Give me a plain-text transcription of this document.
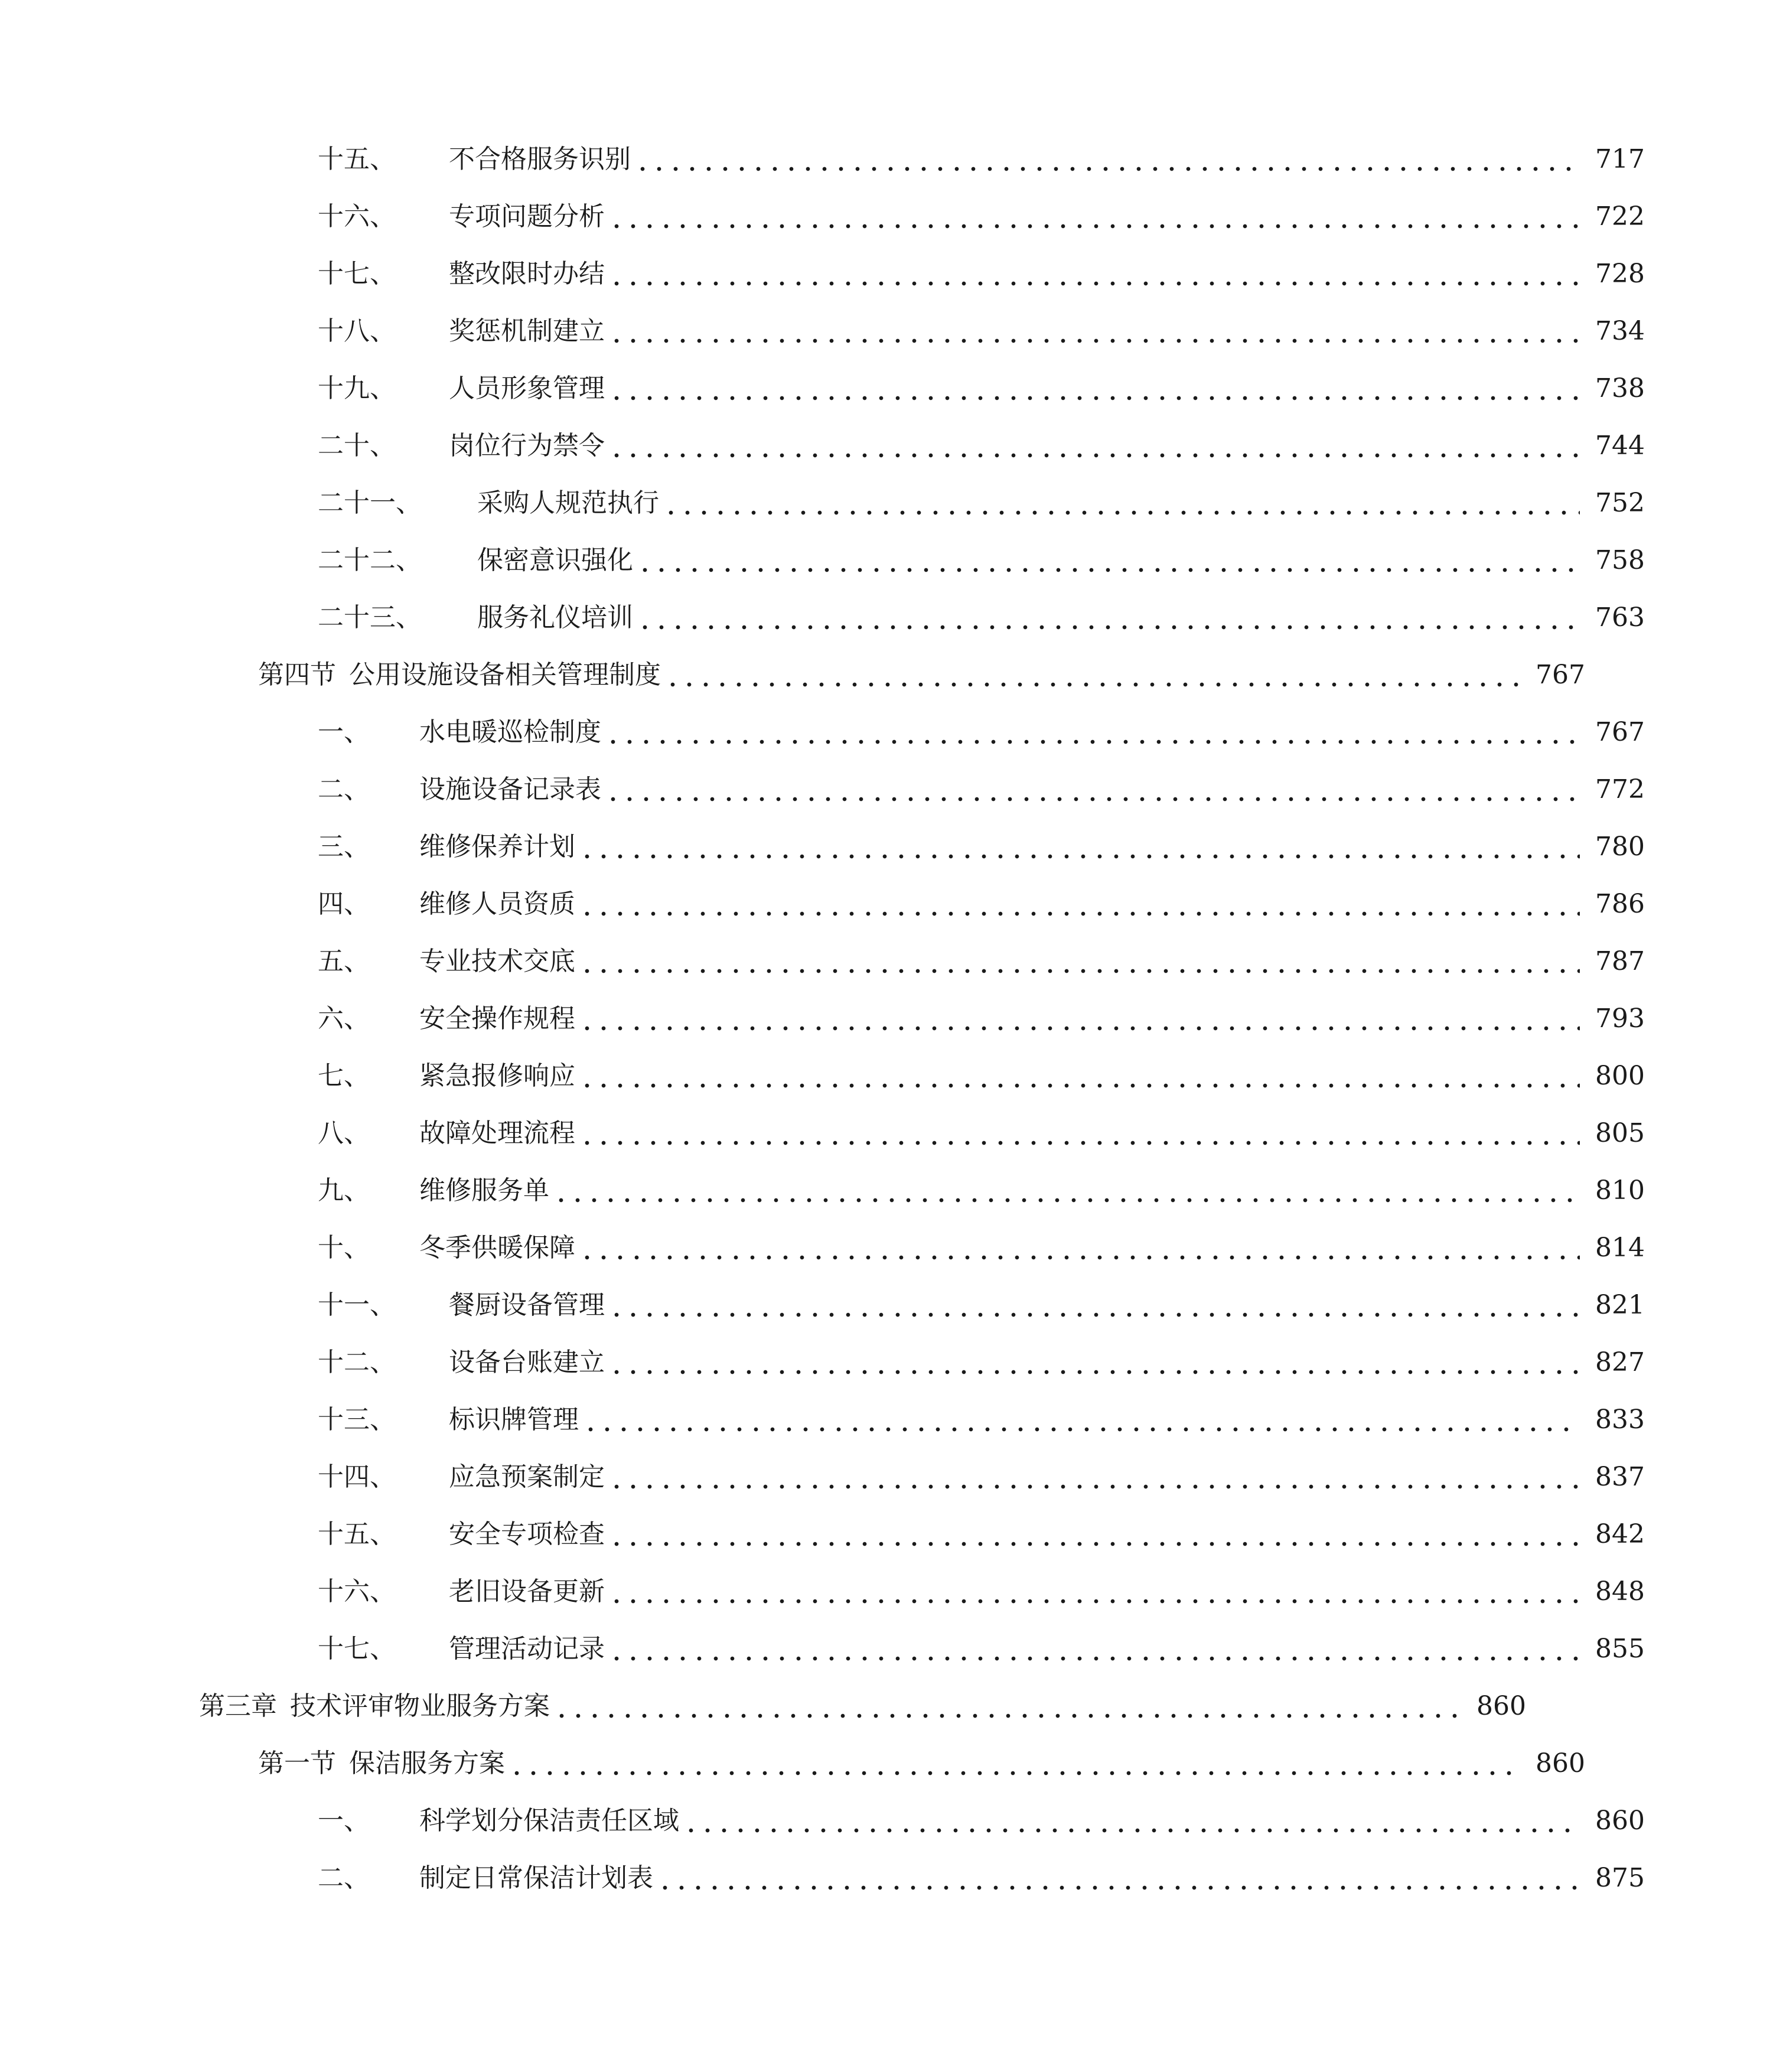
十五、	不合格服务识别	717
十六、	专项问题分析	722
十七、	整改限时办结	728
十八、	奖惩机制建立	734
十九、	人员形象管理	738
二十、	岗位行为禁令	744
二十一、	采购人规范执行	752
二十二、	保密意识强化	758
二十三、	服务礼仪培训	763
第四节 公用设施设备相关管理制度	767
一、	水电暖巡检制度	767
二、	设施设备记录表	772
三、	维修保养计划	780
四、	维修人员资质	786
五、	专业技术交底	787
六、	安全操作规程	793
七、	紧急报修响应	800
八、	故障处理流程	805
九、	维修服务单	810
十、	冬季供暖保障	814
十一、	餐厨设备管理	821
十二、	设备台账建立	827
十三、	标识牌管理	833
十四、	应急预案制定	837
十五、	安全专项检查	842
十六、	老旧设备更新	848
十七、	管理活动记录	855
第三章 技术评审物业服务方案	860
第一节 保洁服务方案	860
一、	科学划分保洁责任区域	860
二、	制定日常保洁计划表	875
